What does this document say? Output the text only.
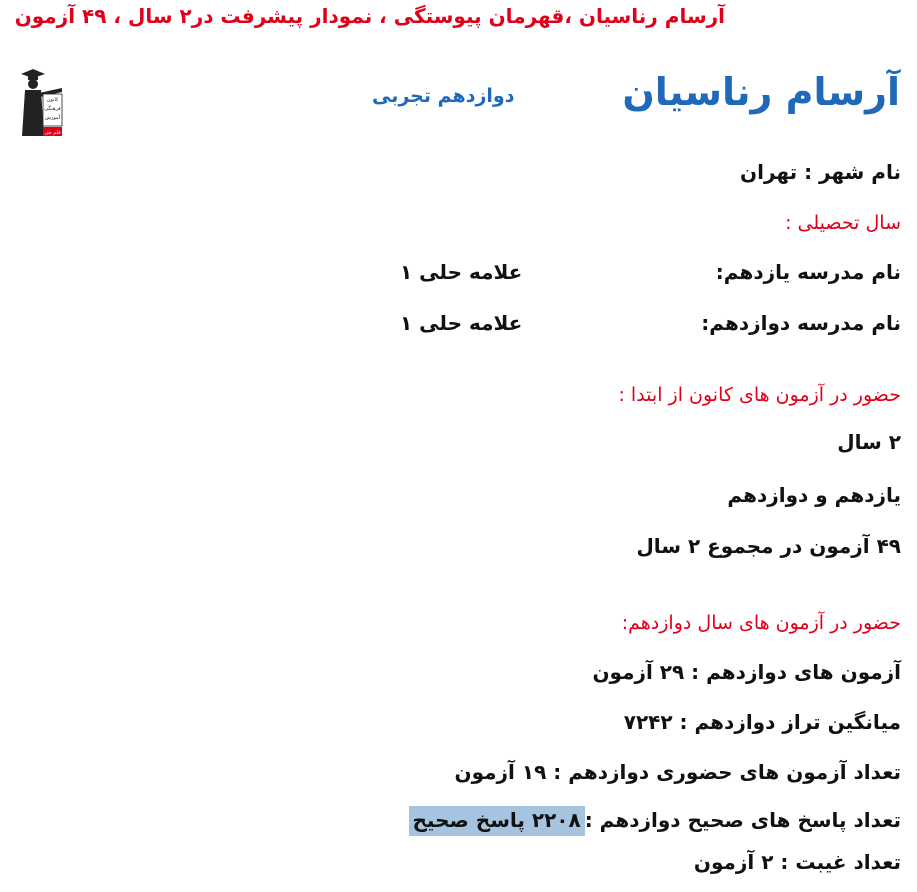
آرسام رناسیان ،قهرمان پیوستگی ، نمودار پیشرفت در۲ سال ، ۴۹ آزمون
کانون
فرهنگی
آموزش
قلم چی
دوازدهم تجربی	آرسام رناسیان
نام شهر : تهران
سال تحصیلی :
نام مدرسه یازدهم:
علامه حلی ۱
نام مدرسه دوازدهم:
علامه حلی ۱
حضور در آزمون های کانون از ابتدا :
۲ سال
یازدهم و دوازدهم
۴۹ آزمون در مجموع ۲ سال
حضور در آزمون های سال دوازدهم:
آزمون های دوازدهم : ۲۹ آزمون
میانگین تراز دوازدهم : ۷۲۴۲
تعداد آزمون های حضوری دوازدهم : ۱۹ آزمون
تعداد پاسخ های صحیح دوازدهم :۲۲۰۸ پاسخ صحیح
تعداد غیبت : ۲ آزمون
